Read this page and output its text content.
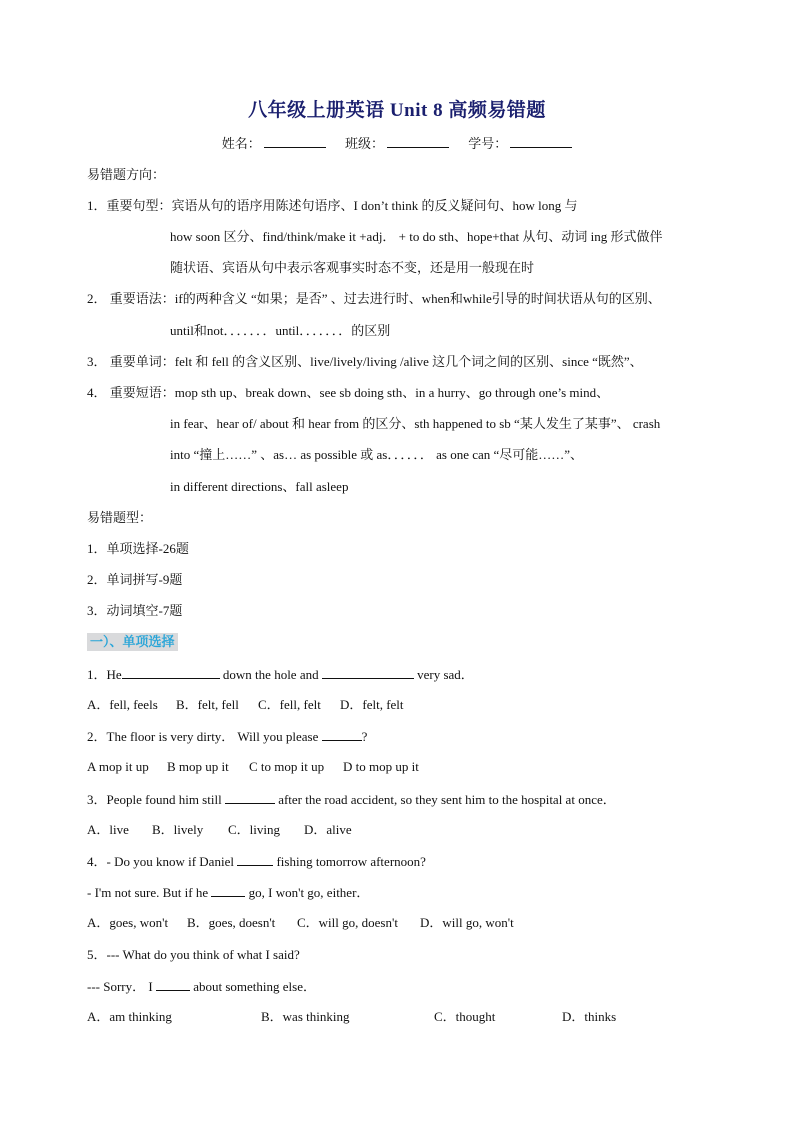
八年级上册英语 Unit 8 高频易错题
姓名：	班级：	学号：
易错题方向：
1．重要句型：宾语从句的语序用陈述句语序、I don’t think 的反义疑问句、how long 与
how soon 区分、find/think/make it +adj． + to do sth、hope+that 从句、动词 ing 形式做伴
随状语、宾语从句中表示客观事实时态不变，还是用一般现在时
2． 重要语法：if的两种含义 “如果；是否” 、过去进行时、when和while引导的时间状语从句的区别、
until和not．．．．．．．until．．．．．．．的区别
3． 重要单词：felt 和 fell 的含义区别、live/lively/living /alive 这几个词之间的区别、since “既然”、
4． 重要短语：mop sth up、break down、see sb doing sth、in a hurry、go through one’s mind、
in fear、hear of/ about 和 hear from 的区分、sth happened to sb “某人发生了某事”、 crash
into “撞上……” 、as… as possible 或 as．．．．．． as one can “尽可能……”、
in different directions、fall asleep
易错题型：
1．单项选择-26题
2．单词拼写-9题
3．动词填空-7题
一）、单项选择
1．He	down the hole and	very sad．
A．fell, feels B．felt, fell C．fell, felt D．felt, felt
2．The floor is very dirty． Will you please	?
A mop it up B mop up it C to mop it up D to mop up it
3．People found him still	after the road accident, so they sent him to the hospital at once．
A．live B．lively C．living D．alive
4．- Do you know if Daniel	fishing tomorrow afternoon?
- I'm not sure. But if he	go, I won't go, either．
A．goes, won't B．goes, doesn't C．will go, doesn't D．will go, won't
5．--- What do you think of what I said?
--- Sorry． I	about something else．
A．am thinking	B．was thinking	C．thought	D．thinks
